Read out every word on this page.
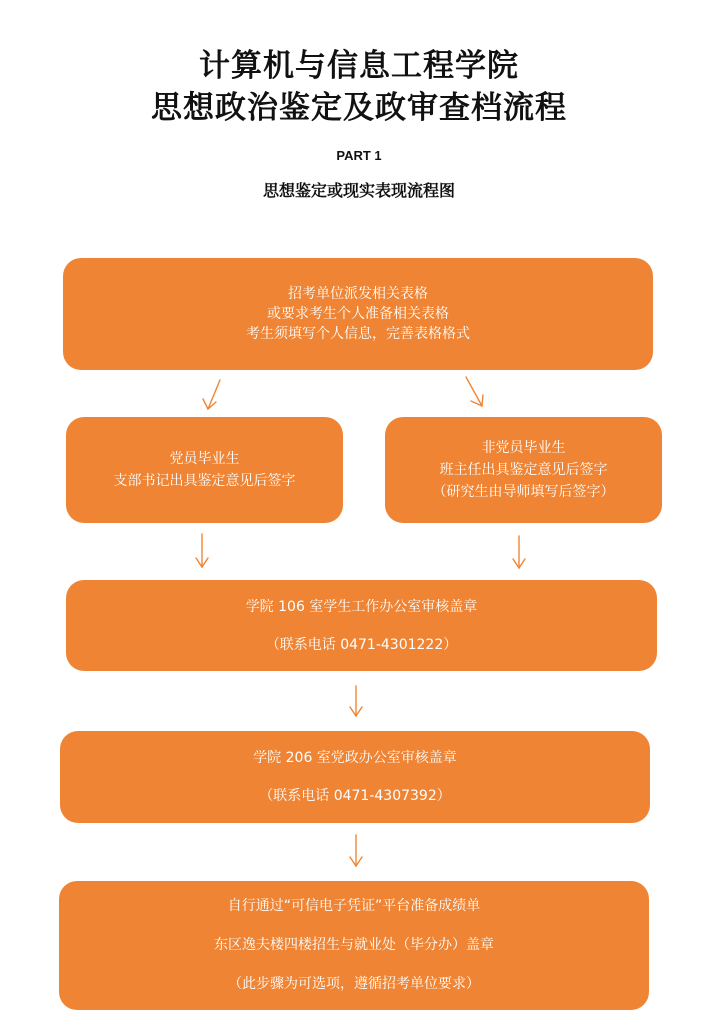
计算机与信息工程学院
思想政治鉴定及政审查档流程
PART 1
思想鉴定或现实表现流程图
招考单位派发相关表格
或要求考生个人准备相关表格
考生须填写个人信息，完善表格格式
党员毕业生
支部书记出具鉴定意见后签字
非党员毕业生
班主任出具鉴定意见后签字
（研究生由导师填写后签字）
学院 106 室学生工作办公室审核盖章
（联系电话 0471-4301222）
学院 206 室党政办公室审核盖章
（联系电话 0471-4307392）
自行通过“可信电子凭证”平台准备成绩单
东区逸夫楼四楼招生与就业处（毕分办）盖章
（此步骤为可选项，遵循招考单位要求）
